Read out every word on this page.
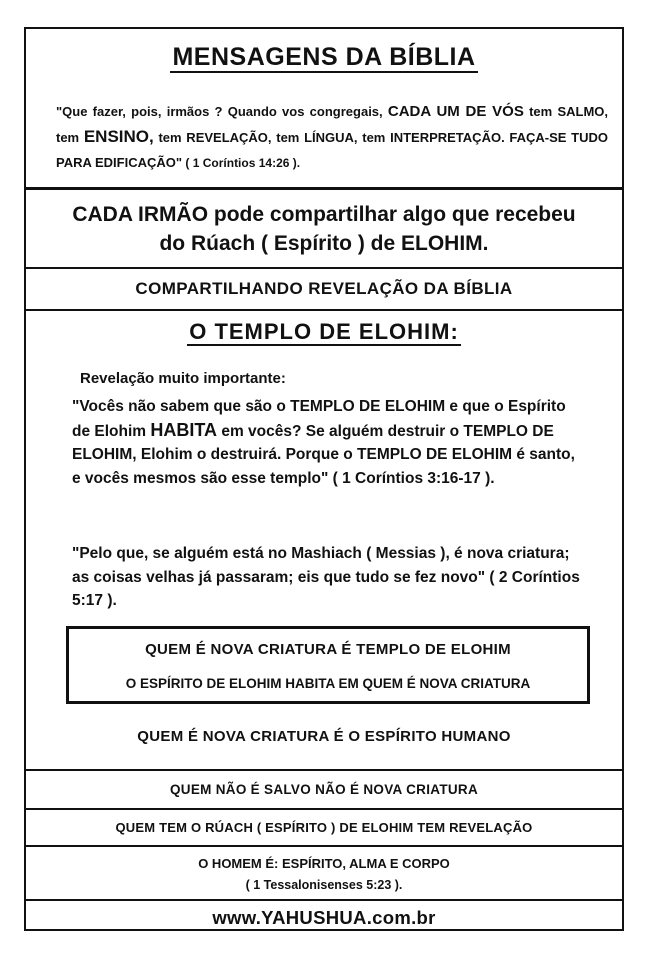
MENSAGENS DA BÍBLIA
"Que fazer, pois, irmãos ? Quando vos congregais, CADA UM DE VÓS tem SALMO, tem ENSINO, tem REVELAÇÃO, tem LÍNGUA, tem INTERPRETAÇÃO. FAÇA-SE TUDO PARA EDIFICAÇÃO" ( 1 Coríntios 14:26 ).
CADA IRMÃO pode compartilhar algo que recebeu
do Rúach ( Espírito ) de ELOHIM.
COMPARTILHANDO REVELAÇÃO DA BÍBLIA
O TEMPLO DE ELOHIM:
Revelação muito importante:
"Vocês não sabem que são o TEMPLO DE ELOHIM e que o Espírito de Elohim HABITA em vocês? Se alguém destruir o TEMPLO DE ELOHIM, Elohim o destruirá. Porque o TEMPLO DE ELOHIM é santo, e vocês mesmos são esse templo" ( 1 Coríntios 3:16-17 ).
"Pelo que, se alguém está no Mashiach ( Messias ), é nova criatura; as coisas velhas já passaram; eis que tudo se fez novo" ( 2 Coríntios 5:17 ).
QUEM É NOVA CRIATURA É TEMPLO DE ELOHIM
O ESPÍRITO DE ELOHIM HABITA EM QUEM É NOVA CRIATURA
QUEM É NOVA CRIATURA É O ESPÍRITO HUMANO
QUEM NÃO É SALVO NÃO É NOVA CRIATURA
QUEM TEM O RÚACH ( ESPÍRITO ) DE ELOHIM TEM REVELAÇÃO
O HOMEM É: ESPÍRITO, ALMA E CORPO
( 1 Tessalonisenses 5:23 ).
www.YAHUSHUA.com.br
